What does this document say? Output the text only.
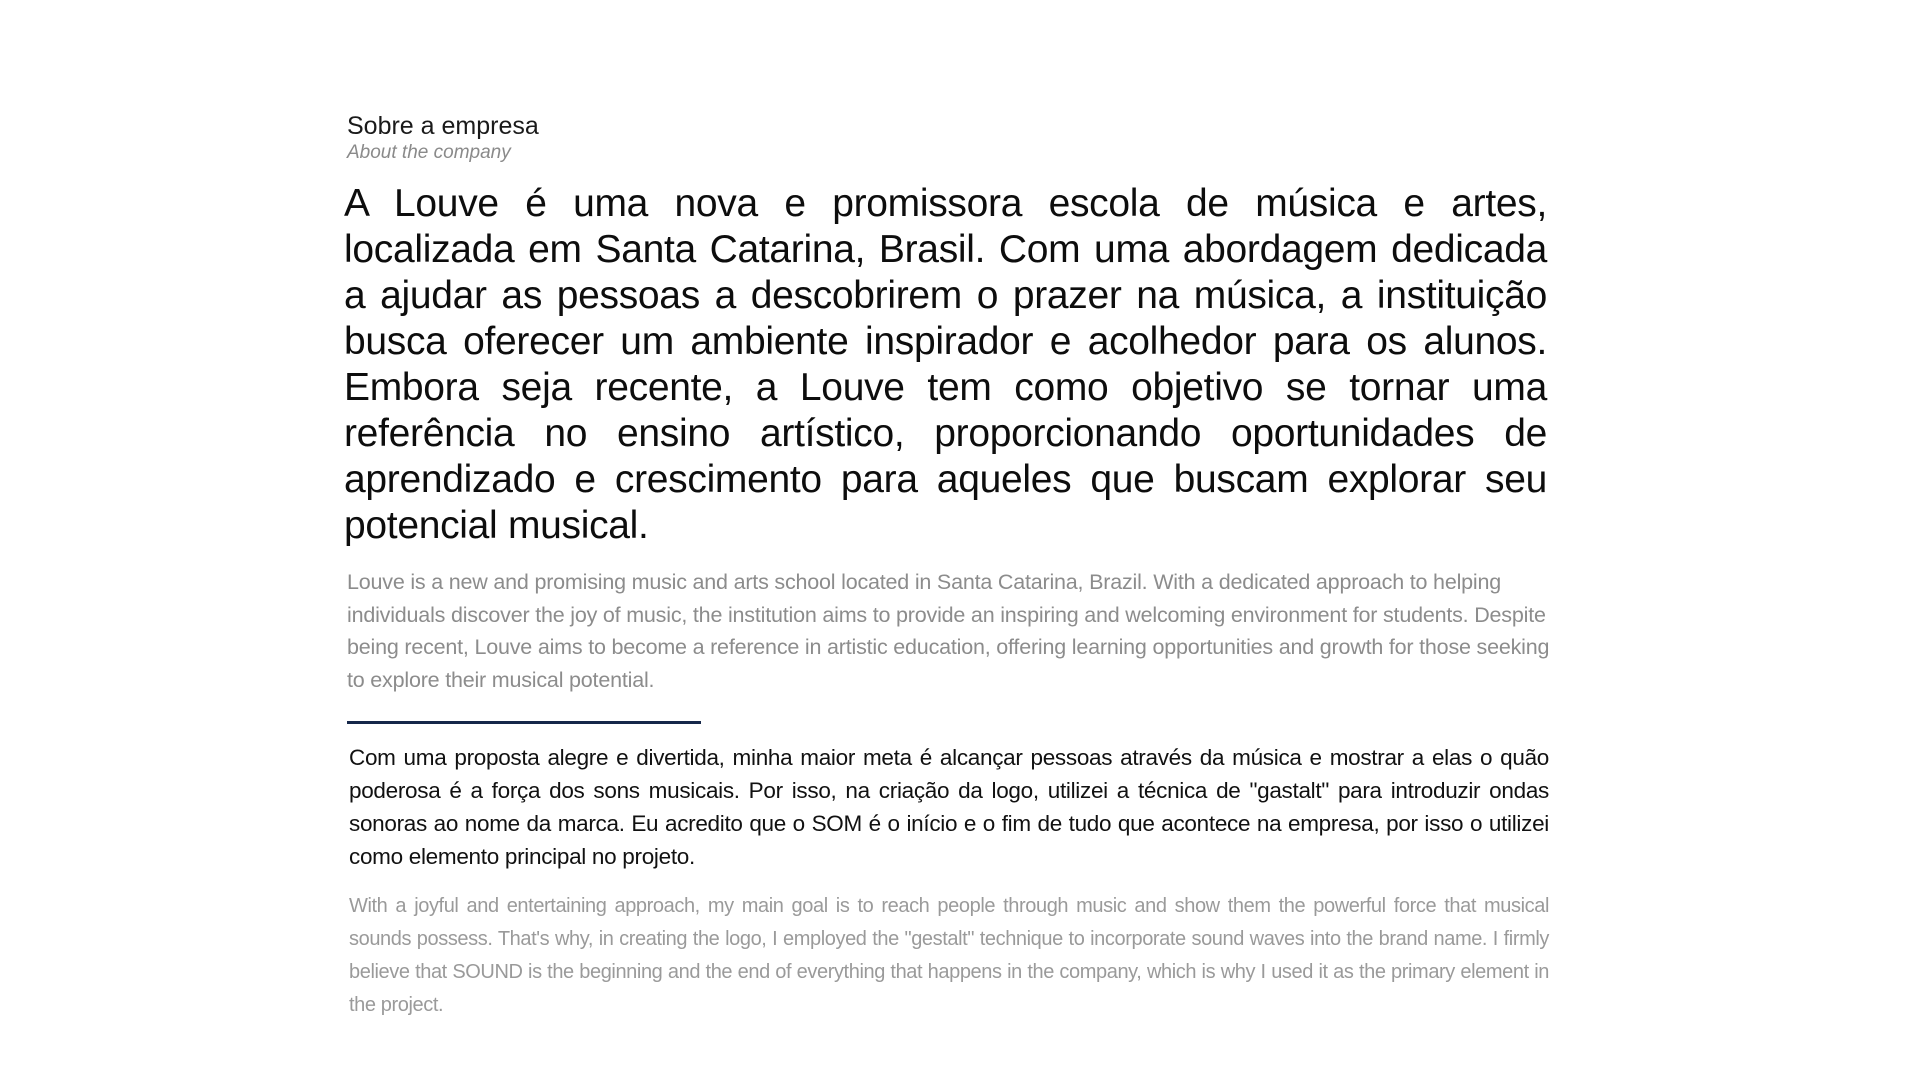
Sobre a empresa
About the company

A Louve é uma nova e promissora escola de música e artes, localizada em Santa Catarina, Brasil. Com uma abordagem dedicada a ajudar as pessoas a descobrirem o prazer na música, a instituição busca oferecer um ambiente inspirador e acolhedor para os alunos. Embora seja recente, a Louve tem como objetivo se tornar uma referência no ensino artístico, proporcionando oportunidades de aprendizado e crescimento para aqueles que buscam explorar seu potencial musical.

Louve is a new and promising music and arts school located in Santa Catarina, Brazil. With a dedicated approach to helping individuals discover the joy of music, the institution aims to provide an inspiring and welcoming environment for students. Despite being recent, Louve aims to become a reference in artistic education, offering learning opportunities and growth for those seeking to explore their musical potential.

Com uma proposta alegre e divertida, minha maior meta é alcançar pessoas através da música e mostrar a elas o quão poderosa é a força dos sons musicais. Por isso, na criação da logo, utilizei a técnica de "gastalt" para introduzir ondas sonoras ao nome da marca. Eu acredito que o SOM é o início e o fim de tudo que acontece na empresa, por isso o utilizei como elemento principal no projeto.

With a joyful and entertaining approach, my main goal is to reach people through music and show them the powerful force that musical sounds possess. That's why, in creating the logo, I employed the "gestalt" technique to incorporate sound waves into the brand name. I firmly believe that SOUND is the beginning and the end of everything that happens in the company, which is why I used it as the primary element in the project.
